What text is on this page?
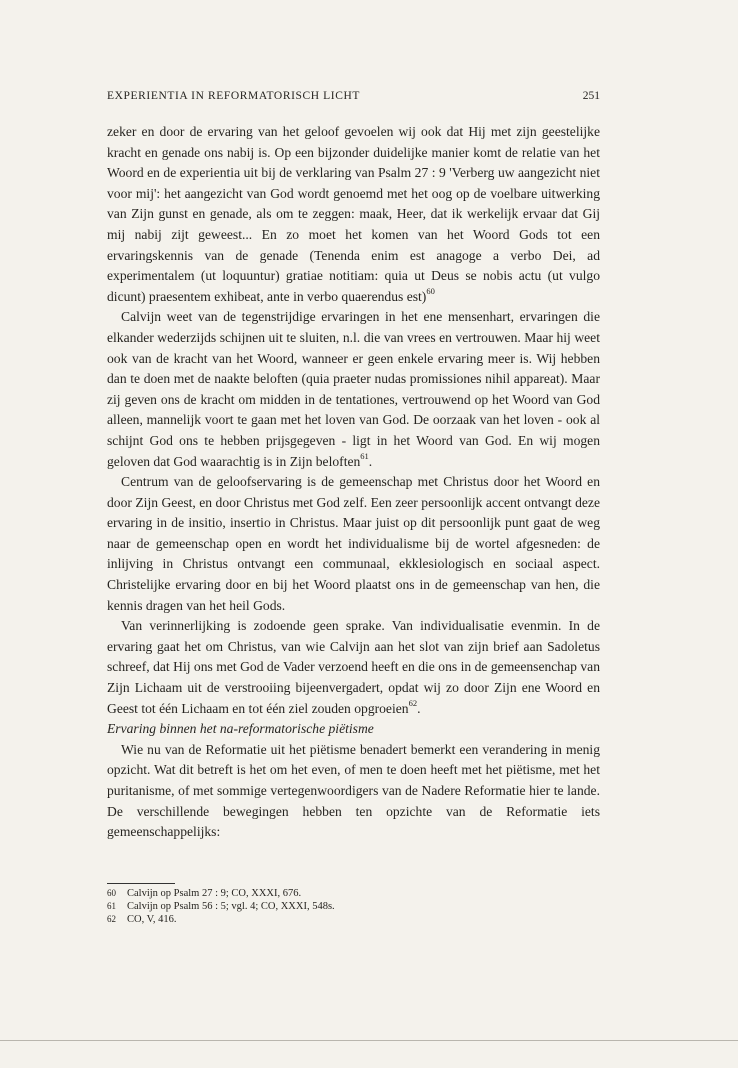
EXPERIENTIA IN REFORMATORISCH LICHT	251

zeker en door de ervaring van het geloof gevoelen wij ook dat Hij met zijn geestelijke kracht en genade ons nabij is. Op een bijzonder duidelijke manier komt de relatie van het Woord en de experientia uit bij de verklaring van Psalm 27 : 9 'Verberg uw aangezicht niet voor mij': het aangezicht van God wordt genoemd met het oog op de voelbare uitwerking van Zijn gunst en genade, als om te zeggen: maak, Heer, dat ik werkelijk ervaar dat Gij mij nabij zijt geweest... En zo moet het komen van het Woord Gods tot een ervaringskennis van de genade (Tenenda enim est anagoge a verbo Dei, ad experimentalem (ut loquuntur) gratiae notitiam: quia ut Deus se nobis actu (ut vulgo dicunt) praesentem exhibeat, ante in verbo quaerendus est)$^{60}$

Calvijn weet van de tegenstrijdige ervaringen in het ene mensenhart, ervaringen die elkander wederzijds schijnen uit te sluiten, n.l. die van vrees en vertrouwen. Maar hij weet ook van de kracht van het Woord, wanneer er geen enkele ervaring meer is. Wij hebben dan te doen met de naakte beloften (quia praeter nudas promissiones nihil appareat). Maar zij geven ons de kracht om midden in de tentationes, vertrouwend op het Woord van God alleen, mannelijk voort te gaan met het loven van God. De oorzaak van het loven - ook al schijnt God ons te hebben prijsgegeven - ligt in het Woord van God. En wij mogen geloven dat God waarachtig is in Zijn beloften$^{61}$.

Centrum van de geloofservaring is de gemeenschap met Christus door het Woord en door Zijn Geest, en door Christus met God zelf. Een zeer persoonlijk accent ontvangt deze ervaring in de insitio, insertio in Christus. Maar juist op dit persoonlijk punt gaat de weg naar de gemeenschap open en wordt het individualisme bij de wortel afgesneden: de inlijving in Christus ontvangt een communaal, ekklesiologisch en sociaal aspect. Christelijke ervaring door en bij het Woord plaatst ons in de gemeenschap van hen, die kennis dragen van het heil Gods.

Van verinnerlijking is zodoende geen sprake. Van individualisatie evenmin. In de ervaring gaat het om Christus, van wie Calvijn aan het slot van zijn brief aan Sadoletus schreef, dat Hij ons met God de Vader verzoend heeft en die ons in de gemeensenchap van Zijn Lichaam uit de verstrooiing bijeenvergadert, opdat wij zo door Zijn ene Woord en Geest tot één Lichaam en tot één ziel zouden opgroeien$^{62}$.

Ervaring binnen het na-reformatorische piëtisme

Wie nu van de Reformatie uit het piëtisme benadert bemerkt een verandering in menig opzicht. Wat dit betreft is het om het even, of men te doen heeft met het piëtisme, met het puritanisme, of met sommige vertegenwoordigers van de Nadere Reformatie hier te lande. De verschillende bewegingen hebben ten opzichte van de Reformatie iets gemeenschappelijks:

60	Calvijn op Psalm 27 : 9; CO, XXXI, 676.
61	Calvijn op Psalm 56 : 5; vgl. 4; CO, XXXI, 548s.
62	CO, V, 416.
